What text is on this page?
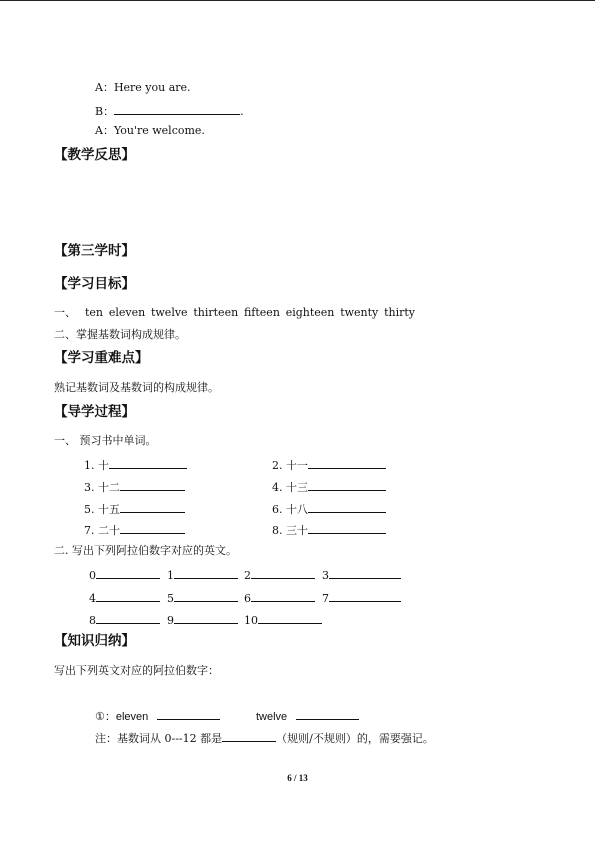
A：Here you are.
B：	.
A：You're welcome.
【教学反思】
【第三学时】
【学习目标】
一、 ten eleven twelve thirteen fifteen eighteen twenty thirty
二、掌握基数词构成规律。
【学习重难点】
熟记基数词及基数词的构成规律。
【导学过程】
一、 预习书中单词。
1. 十	2. 十一
3. 十二	4. 十三
5. 十五	6. 十八
7. 二十	8. 三十
二. 写出下列阿拉伯数字对应的英文。
0	1	2	3
4	5	6	7
8	9	10
【知识归纳】
写出下列英文对应的阿拉伯数字：
①：eleven	twelve
注：基数词从 0---12 都是	（规则/不规则）的，需要强记。
6 / 13
